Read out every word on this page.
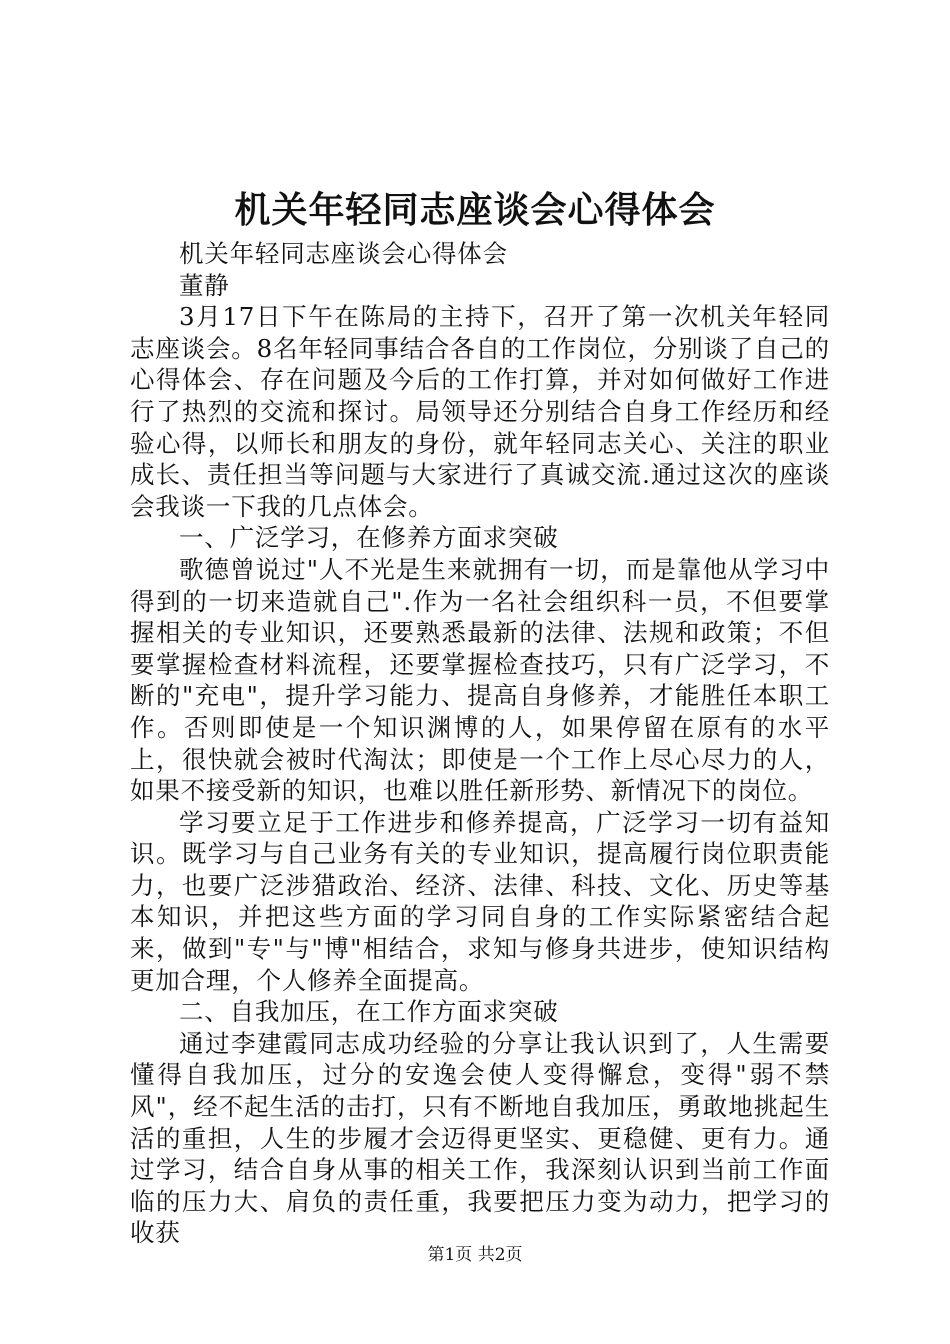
机关年轻同志座谈会心得体会

机关年轻同志座谈会心得体会

董静

3月17日下午在陈局的主持下，召开了第一次机关年轻同志座谈会。8名年轻同事结合各自的工作岗位，分别谈了自己的心得体会、存在问题及今后的工作打算，并对如何做好工作进行了热烈的交流和探讨。局领导还分别结合自身工作经历和经验心得，以师长和朋友的身份，就年轻同志关心、关注的职业成长、责任担当等问题与大家进行了真诚交流.通过这次的座谈会我谈一下我的几点体会。

一、广泛学习，在修养方面求突破

歌德曾说过"人不光是生来就拥有一切，而是靠他从学习中得到的一切来造就自己".作为一名社会组织科一员，不但要掌握相关的专业知识，还要熟悉最新的法律、法规和政策；不但要掌握检查材料流程，还要掌握检查技巧，只有广泛学习，不断的"充电"，提升学习能力、提高自身修养，才能胜任本职工作。否则即使是一个知识渊博的人，如果停留在原有的水平上，很快就会被时代淘汰；即使是一个工作上尽心尽力的人，如果不接受新的知识，也难以胜任新形势、新情况下的岗位。

学习要立足于工作进步和修养提高，广泛学习一切有益知识。既学习与自己业务有关的专业知识，提高履行岗位职责能力，也要广泛涉猎政治、经济、法律、科技、文化、历史等基本知识，并把这些方面的学习同自身的工作实际紧密结合起来，做到"专"与"博"相结合，求知与修身共进步，使知识结构更加合理，个人修养全面提高。

二、自我加压，在工作方面求突破

通过李建霞同志成功经验的分享让我认识到了，人生需要懂得自我加压，过分的安逸会使人变得懈怠，变得"弱不禁风"，经不起生活的击打，只有不断地自我加压，勇敢地挑起生活的重担，人生的步履才会迈得更坚实、更稳健、更有力。通过学习，结合自身从事的相关工作，我深刻认识到当前工作面临的压力大、肩负的责任重，我要把压力变为动力，把学习的收获

第1页 共2页
